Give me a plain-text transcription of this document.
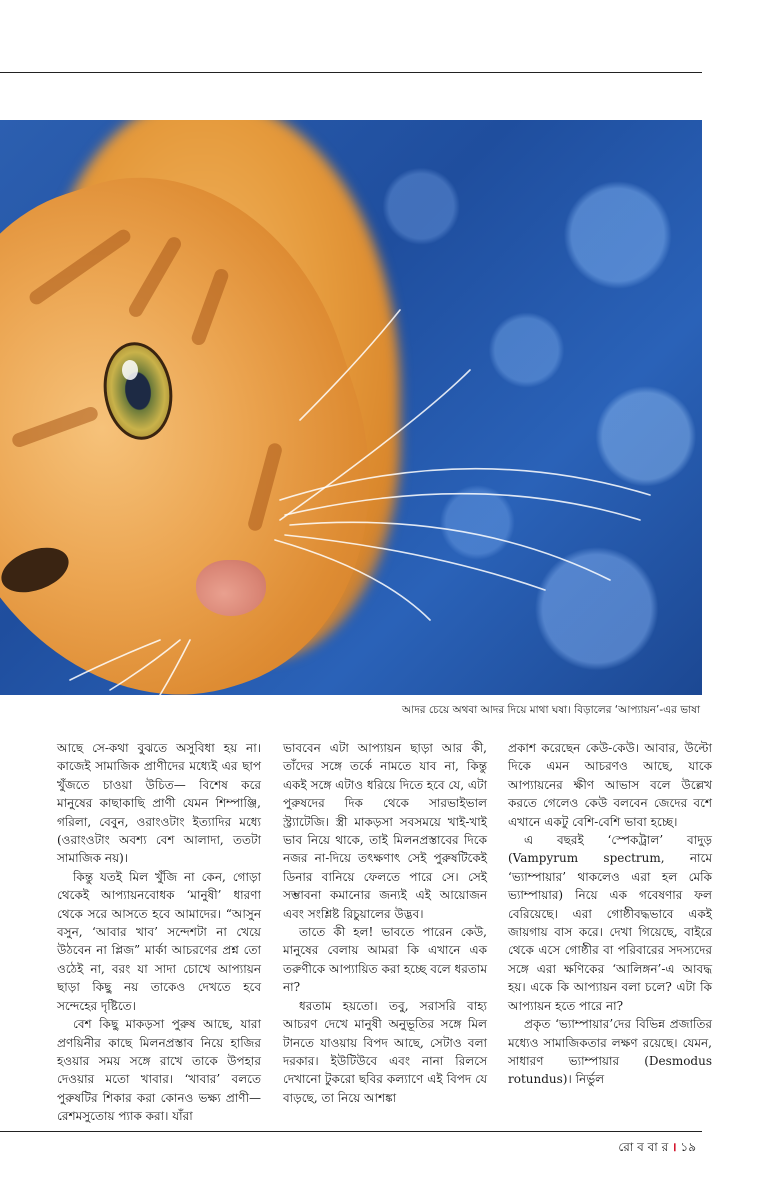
আদর চেয়ে অথবা আদর দিয়ে মাথা ঘষা। বিড়ালের ‘আপ্যায়ন’-এর ভাষা

আছে সে-কথা বুঝতে অসুবিধা হয় না। কাজেই সামাজিক প্রাণীদের মধ্যেই এর ছাপ খুঁজতে চাওয়া উচিত— বিশেষ করে মানুষের কাছাকাছি প্রাণী যেমন শিম্পাঞ্জি, গরিলা, বেবুন, ওরাংওটাং ইত্যাদির মধ্যে (ওরাংওটাং অবশ্য বেশ আলাদা, ততটা সামাজিক নয়)।

কিন্তু যতই মিল খুঁজি না কেন, গোড়া থেকেই আপ্যায়নবোধক ‘মানুষী’ ধারণা থেকে সরে আসতে হবে আমাদের। “আসুন বসুন, ‘আবার খাব’ সন্দেশটা না খেয়ে উঠবেন না প্লিজ” মার্কা আচরণের প্রশ্ন তো ওঠেই না, বরং যা সাদা চোখে আপ্যায়ন ছাড়া কিছু নয় তাকেও দেখতে হবে সন্দেহের দৃষ্টিতে।

বেশ কিছু মাকড়সা পুরুষ আছে, যারা প্রণয়িনীর কাছে মিলনপ্রস্তাব নিয়ে হাজির হওয়ার সময় সঙ্গে রাখে তাকে উপহার দেওয়ার মতো খাবার। ‘খাবার’ বলতে পুরুষটির শিকার করা কোনও ভক্ষ্য প্রাণী— রেশমসুতোয় প্যাক করা। যাঁরা

ভাববেন এটা আপ্যায়ন ছাড়া আর কী, তাঁদের সঙ্গে তর্কে নামতে যাব না, কিন্তু একই সঙ্গে এটাও ধরিয়ে দিতে হবে যে, এটা পুরুষদের দিক থেকে সারভাইভাল স্ট্র্যাটেজি। স্ত্রী মাকড়সা সবসময়ে খাই-খাই ভাব নিয়ে থাকে, তাই মিলনপ্রস্তাবের দিকে নজর না-দিয়ে তৎক্ষণাৎ সেই পুরুষটিকেই ডিনার বানিয়ে ফেলতে পারে সে। সেই সম্ভাবনা কমানোর জন্যই এই আয়োজন এবং সংশ্লিষ্ট রিচুয়ালের উদ্ভব।

তাতে কী হল! ভাবতে পারেন কেউ, মানুষের বেলায় আমরা কি এখানে এক তরুণীকে আপ্যায়িত করা হচ্ছে বলে ধরতাম না?

ধরতাম হয়তো। তবু, সরাসরি বাহ্য আচরণ দেখে মানুষী অনুভূতির সঙ্গে মিল টানতে যাওয়ায় বিপদ আছে, সেটাও বলা দরকার। ইউটিউবে এবং নানা রিলসে দেখানো টুকরো ছবির কল্যাণে এই বিপদ যে বাড়ছে, তা নিয়ে আশঙ্কা

প্রকাশ করেছেন কেউ-কেউ। আবার, উল্টো দিকে এমন আচরণও আছে, যাকে আপ্যায়নের ক্ষীণ আভাস বলে উল্লেখ করতে গেলেও কেউ বলবেন জেদের বশে এখানে একটু বেশি-বেশি ভাবা হচ্ছে।

এ বছরই ‘স্পেকট্রাল’ বাদুড় (Vampyrum spectrum, নামে ‘ভ্যাম্পায়ার’ থাকলেও এরা হল মেকি ভ্যাম্পায়ার) নিয়ে এক গবেষণার ফল বেরিয়েছে। এরা গোষ্ঠীবদ্ধভাবে একই জায়গায় বাস করে। দেখা গিয়েছে, বাইরে থেকে এসে গোষ্ঠীর বা পরিবারের সদস্যদের সঙ্গে এরা ক্ষণিকের ‘আলিঙ্গন’-এ আবদ্ধ হয়। একে কি আপ্যায়ন বলা চলে? এটা কি আপ্যায়ন হতে পারে না?

প্রকৃত ‘ভ্যাম্পায়ার’দের বিভিন্ন প্রজাতির মধ্যেও সামাজিকতার লক্ষণ রয়েছে। যেমন, সাধারণ ভ্যাম্পায়ার (Desmodus rotundus)। নির্ভুল

রো ব বা র । ১৯
